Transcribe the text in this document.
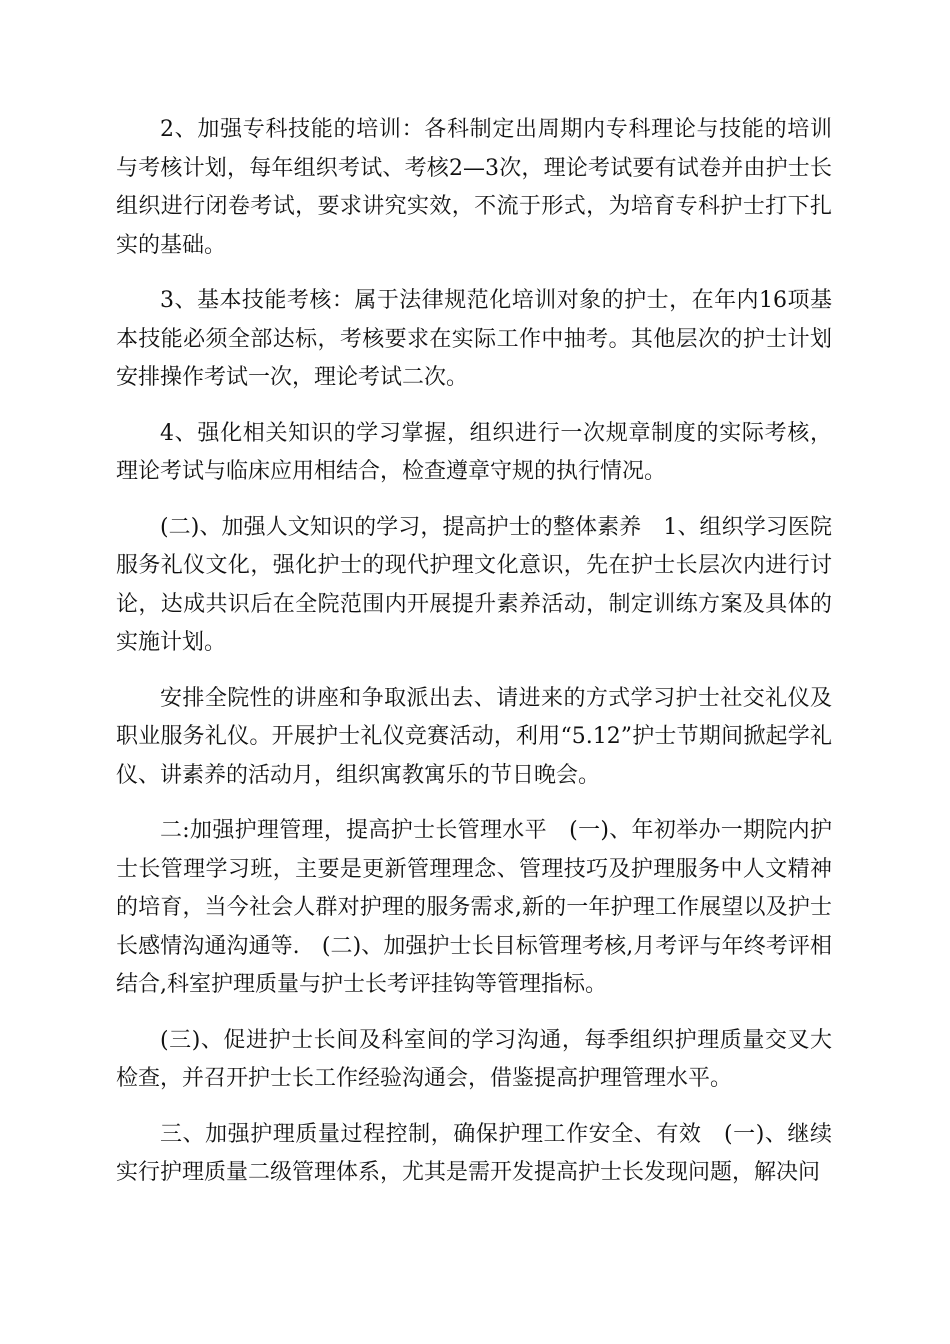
2、加强专科技能的培训：各科制定出周期内专科理论与技能的培训与考核计划，每年组织考试、考核2—3次，理论考试要有试卷并由护士长组织进行闭卷考试，要求讲究实效，不流于形式，为培育专科护士打下扎实的基础。

3、基本技能考核：属于法律规范化培训对象的护士，在年内16项基本技能必须全部达标，考核要求在实际工作中抽考。其他层次的护士计划安排操作考试一次，理论考试二次。

4、强化相关知识的学习掌握，组织进行一次规章制度的实际考核，理论考试与临床应用相结合，检查遵章守规的执行情况。

(二)、加强人文知识的学习，提高护士的整体素养　1、组织学习医院服务礼仪文化，强化护士的现代护理文化意识，先在护士长层次内进行讨论，达成共识后在全院范围内开展提升素养活动，制定训练方案及具体的实施计划。

安排全院性的讲座和争取派出去、请进来的方式学习护士社交礼仪及职业服务礼仪。开展护士礼仪竞赛活动，利用“5.12”护士节期间掀起学礼仪、讲素养的活动月，组织寓教寓乐的节日晚会。

二:加强护理管理，提高护士长管理水平　(一)、年初举办一期院内护士长管理学习班，主要是更新管理理念、管理技巧及护理服务中人文精神的培育，当今社会人群对护理的服务需求,新的一年护理工作展望以及护士长感情沟通沟通等.　(二)、加强护士长目标管理考核,月考评与年终考评相结合,科室护理质量与护士长考评挂钩等管理指标。

(三)、促进护士长间及科室间的学习沟通，每季组织护理质量交叉大检查，并召开护士长工作经验沟通会，借鉴提高护理管理水平。

三、加强护理质量过程控制，确保护理工作安全、有效　(一)、继续实行护理质量二级管理体系，尤其是需开发提高护士长发现问题，解决问
